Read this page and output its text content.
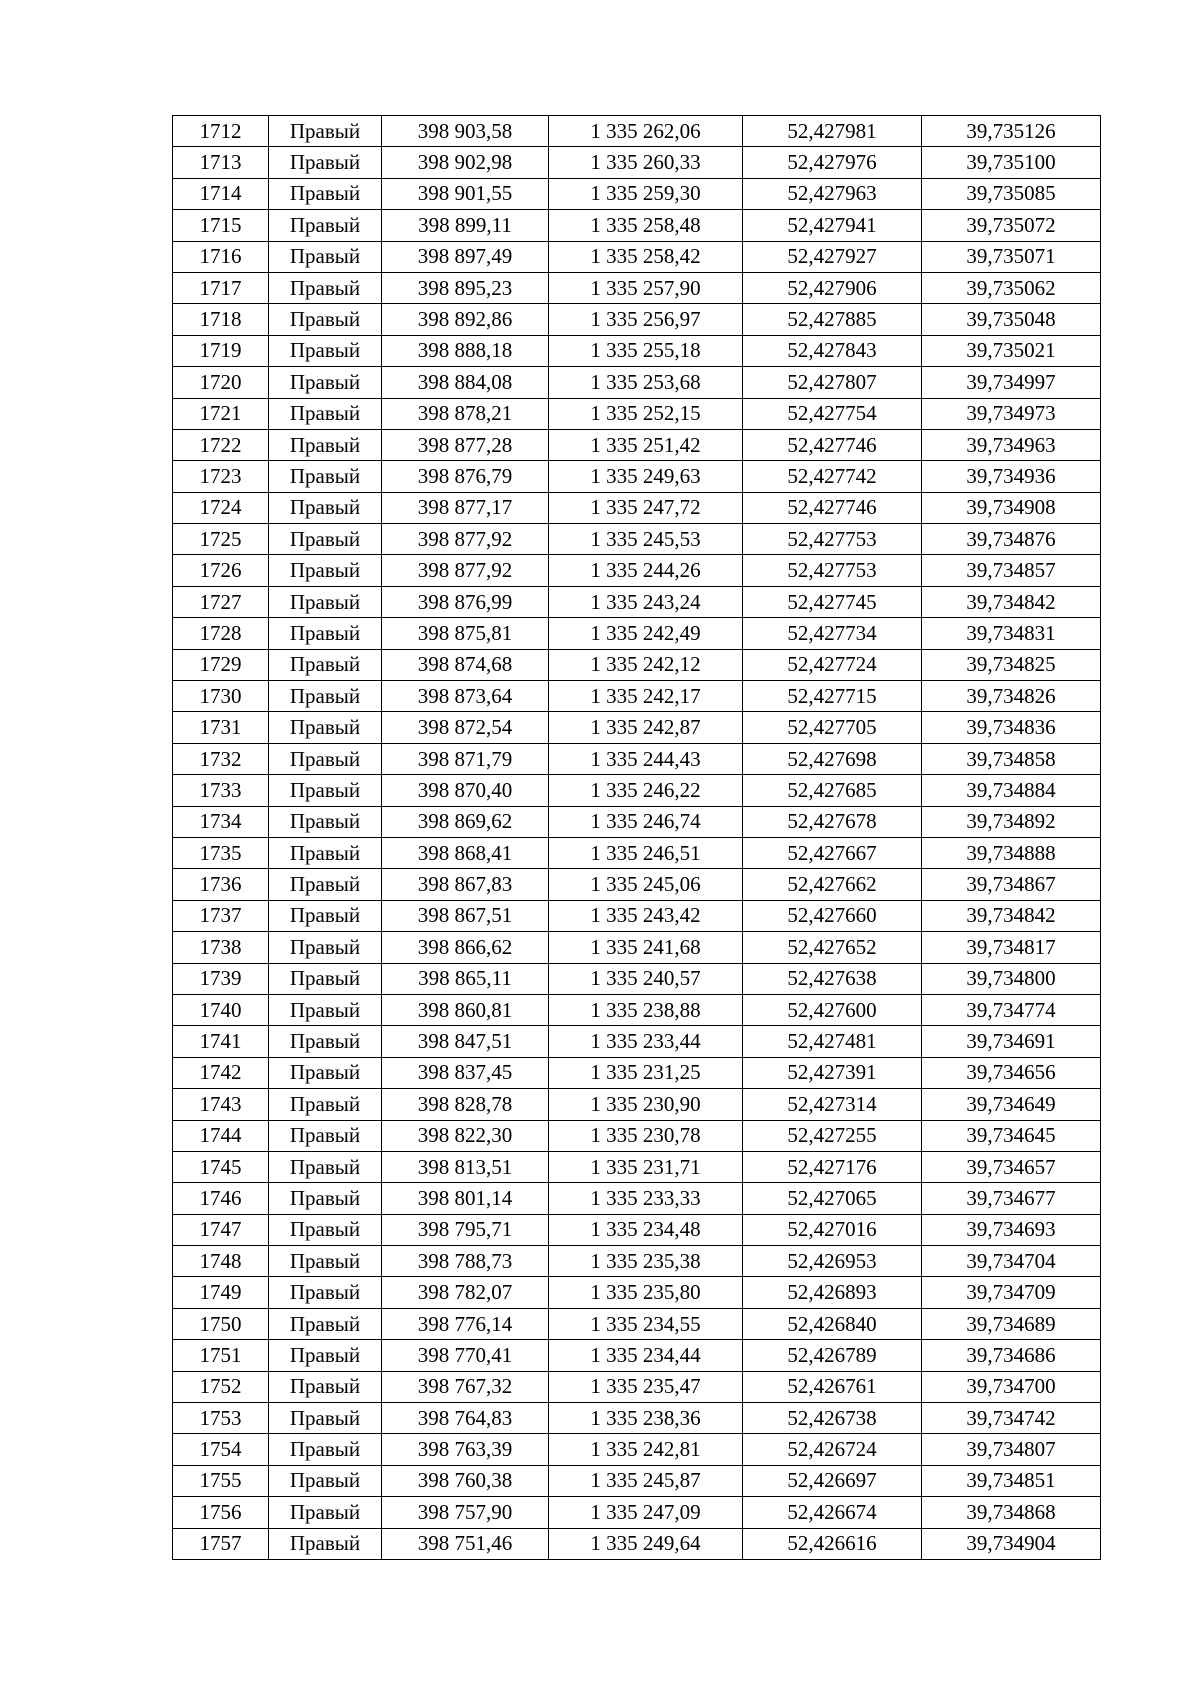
1712	Правый	398 903,58	1 335 262,06	52,427981	39,735126
1713	Правый	398 902,98	1 335 260,33	52,427976	39,735100
1714	Правый	398 901,55	1 335 259,30	52,427963	39,735085
1715	Правый	398 899,11	1 335 258,48	52,427941	39,735072
1716	Правый	398 897,49	1 335 258,42	52,427927	39,735071
1717	Правый	398 895,23	1 335 257,90	52,427906	39,735062
1718	Правый	398 892,86	1 335 256,97	52,427885	39,735048
1719	Правый	398 888,18	1 335 255,18	52,427843	39,735021
1720	Правый	398 884,08	1 335 253,68	52,427807	39,734997
1721	Правый	398 878,21	1 335 252,15	52,427754	39,734973
1722	Правый	398 877,28	1 335 251,42	52,427746	39,734963
1723	Правый	398 876,79	1 335 249,63	52,427742	39,734936
1724	Правый	398 877,17	1 335 247,72	52,427746	39,734908
1725	Правый	398 877,92	1 335 245,53	52,427753	39,734876
1726	Правый	398 877,92	1 335 244,26	52,427753	39,734857
1727	Правый	398 876,99	1 335 243,24	52,427745	39,734842
1728	Правый	398 875,81	1 335 242,49	52,427734	39,734831
1729	Правый	398 874,68	1 335 242,12	52,427724	39,734825
1730	Правый	398 873,64	1 335 242,17	52,427715	39,734826
1731	Правый	398 872,54	1 335 242,87	52,427705	39,734836
1732	Правый	398 871,79	1 335 244,43	52,427698	39,734858
1733	Правый	398 870,40	1 335 246,22	52,427685	39,734884
1734	Правый	398 869,62	1 335 246,74	52,427678	39,734892
1735	Правый	398 868,41	1 335 246,51	52,427667	39,734888
1736	Правый	398 867,83	1 335 245,06	52,427662	39,734867
1737	Правый	398 867,51	1 335 243,42	52,427660	39,734842
1738	Правый	398 866,62	1 335 241,68	52,427652	39,734817
1739	Правый	398 865,11	1 335 240,57	52,427638	39,734800
1740	Правый	398 860,81	1 335 238,88	52,427600	39,734774
1741	Правый	398 847,51	1 335 233,44	52,427481	39,734691
1742	Правый	398 837,45	1 335 231,25	52,427391	39,734656
1743	Правый	398 828,78	1 335 230,90	52,427314	39,734649
1744	Правый	398 822,30	1 335 230,78	52,427255	39,734645
1745	Правый	398 813,51	1 335 231,71	52,427176	39,734657
1746	Правый	398 801,14	1 335 233,33	52,427065	39,734677
1747	Правый	398 795,71	1 335 234,48	52,427016	39,734693
1748	Правый	398 788,73	1 335 235,38	52,426953	39,734704
1749	Правый	398 782,07	1 335 235,80	52,426893	39,734709
1750	Правый	398 776,14	1 335 234,55	52,426840	39,734689
1751	Правый	398 770,41	1 335 234,44	52,426789	39,734686
1752	Правый	398 767,32	1 335 235,47	52,426761	39,734700
1753	Правый	398 764,83	1 335 238,36	52,426738	39,734742
1754	Правый	398 763,39	1 335 242,81	52,426724	39,734807
1755	Правый	398 760,38	1 335 245,87	52,426697	39,734851
1756	Правый	398 757,90	1 335 247,09	52,426674	39,734868
1757	Правый	398 751,46	1 335 249,64	52,426616	39,734904
